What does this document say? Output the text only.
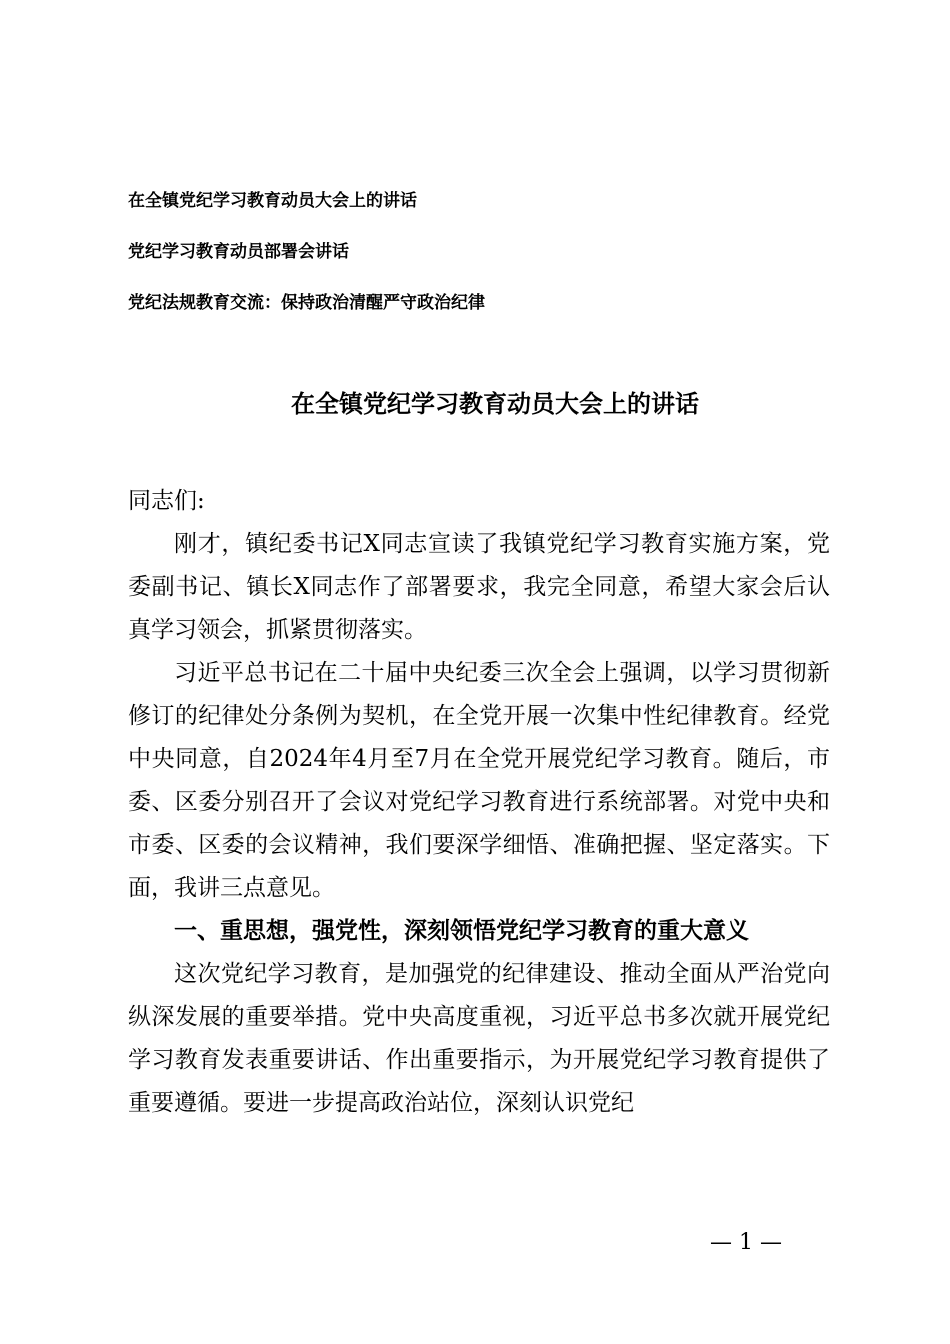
在全镇党纪学习教育动员大会上的讲话
党纪学习教育动员部署会讲话
党纪法规教育交流：保持政治清醒严守政治纪律
在全镇党纪学习教育动员大会上的讲话

同志们:

刚才，镇纪委书记X同志宣读了我镇党纪学习教育实施方案，党委副书记、镇长X同志作了部署要求，我完全同意，希望大家会后认真学习领会，抓紧贯彻落实。

习近平总书记在二十届中央纪委三次全会上强调，以学习贯彻新修订的纪律处分条例为契机，在全党开展一次集中性纪律教育。经党中央同意，自2024年4月至7月在全党开展党纪学习教育。随后，市委、区委分别召开了会议对党纪学习教育进行系统部署。对党中央和市委、区委的会议精神，我们要深学细悟、准确把握、坚定落实。下面，我讲三点意见。

一、重思想，强党性，深刻领悟党纪学习教育的重大意义

这次党纪学习教育，是加强党的纪律建设、推动全面从严治党向纵深发展的重要举措。党中央高度重视，习近平总书多次就开展党纪学习教育发表重要讲话、作出重要指示，为开展党纪学习教育提供了重要遵循。要进一步提高政治站位，深刻认识党纪

— 1 —
